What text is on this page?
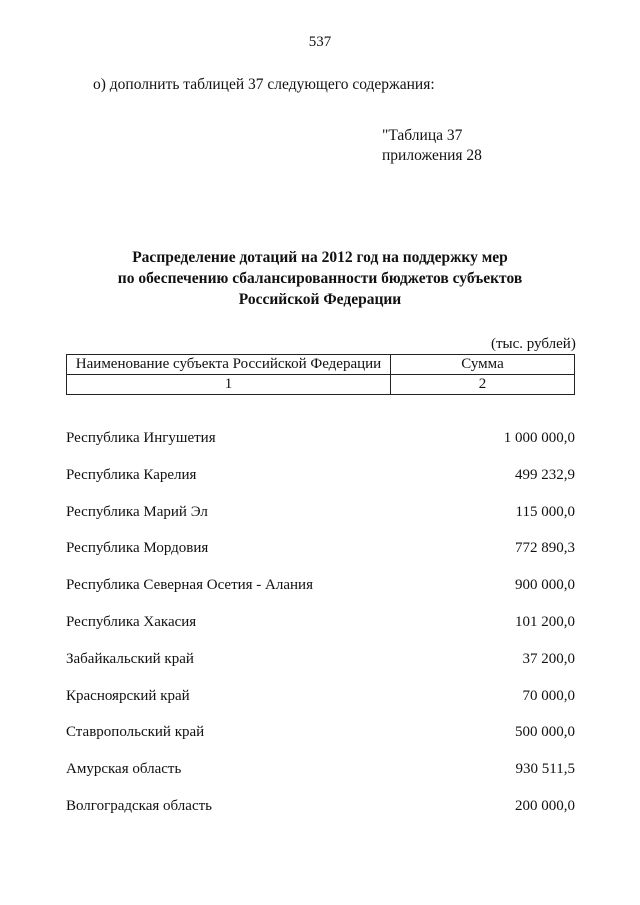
537
о) дополнить таблицей 37 следующего содержания:
"Таблица 37
приложения 28
Распределение дотаций на 2012 год на поддержку мер
по обеспечению сбалансированности бюджетов субъектов
Российской Федерации
(тыс. рублей)
Наименование субъекта Российской Федерации	Сумма
1	2
Республика Ингушетия	1 000 000,0
Республика Карелия	499 232,9
Республика Марий Эл	115 000,0
Республика Мордовия	772 890,3
Республика Северная Осетия - Алания	900 000,0
Республика Хакасия	101 200,0
Забайкальский край	37 200,0
Красноярский край	70 000,0
Ставропольский край	500 000,0
Амурская область	930 511,5
Волгоградская область	200 000,0
